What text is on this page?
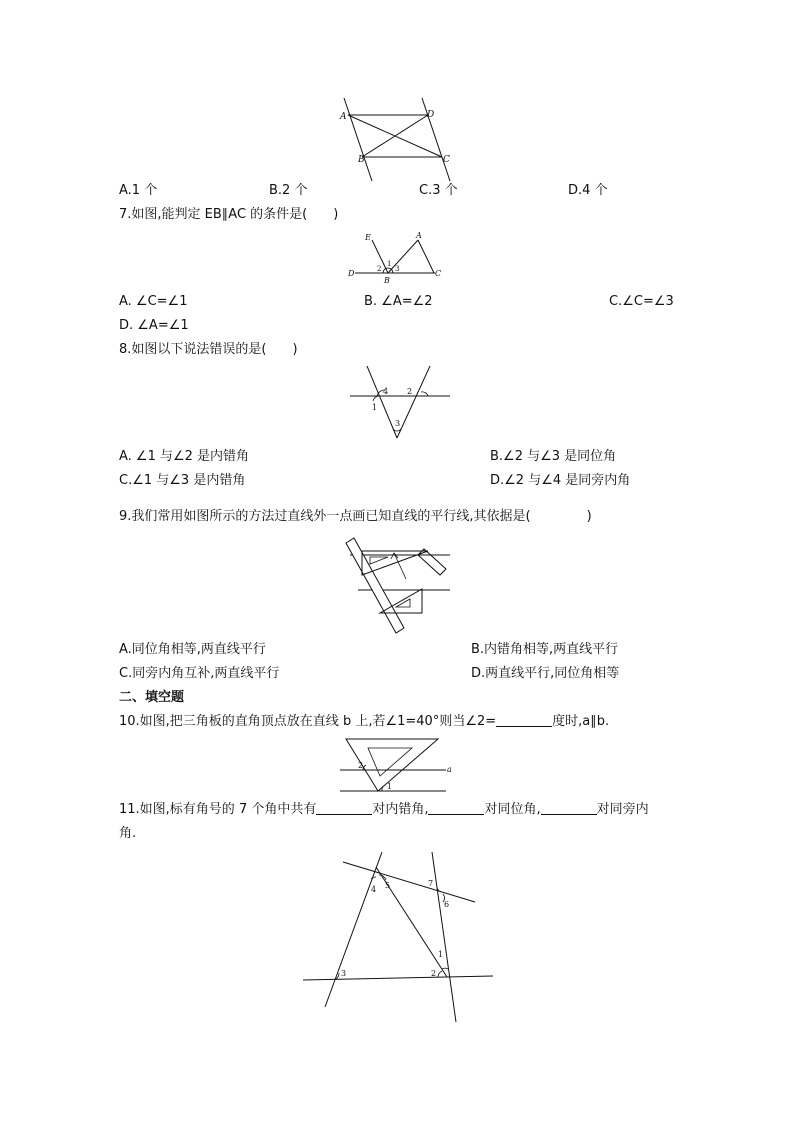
A	D
B	C
A.1 个	B.2 个	C.3 个	D.4 个
7.如图,能判定 EB∥AC 的条件是(　　)
E	A
D
B
C
1
2 3
A. ∠C=∠1	B. ∠A=∠2	C.∠C=∠3
D. ∠A=∠1
8.如图以下说法错误的是(　　)
4 2
1
3
A. ∠1 与∠2 是内错角	B.∠2 与∠3 是同位角
C.∠1 与∠3 是内错角	D.∠2 与∠4 是同旁内角
9.我们常用如图所示的方法过直线外一点画已知直线的平行线,其依据是(	)
A.同位角相等,两直线平行	B.内错角相等,两直线平行
C.同旁内角互补,两直线平行	D.两直线平行,同位角相等
二、填空题
10.如图,把三角板的直角顶点放在直线 b 上,若∠1=40°则当∠2=	度时,a∥b.
2
1
a
11.如图,标有角号的 7 个角中共有	对内错角,	对同位角,	对同旁内
角.
4 5	7
6
1
2
3
